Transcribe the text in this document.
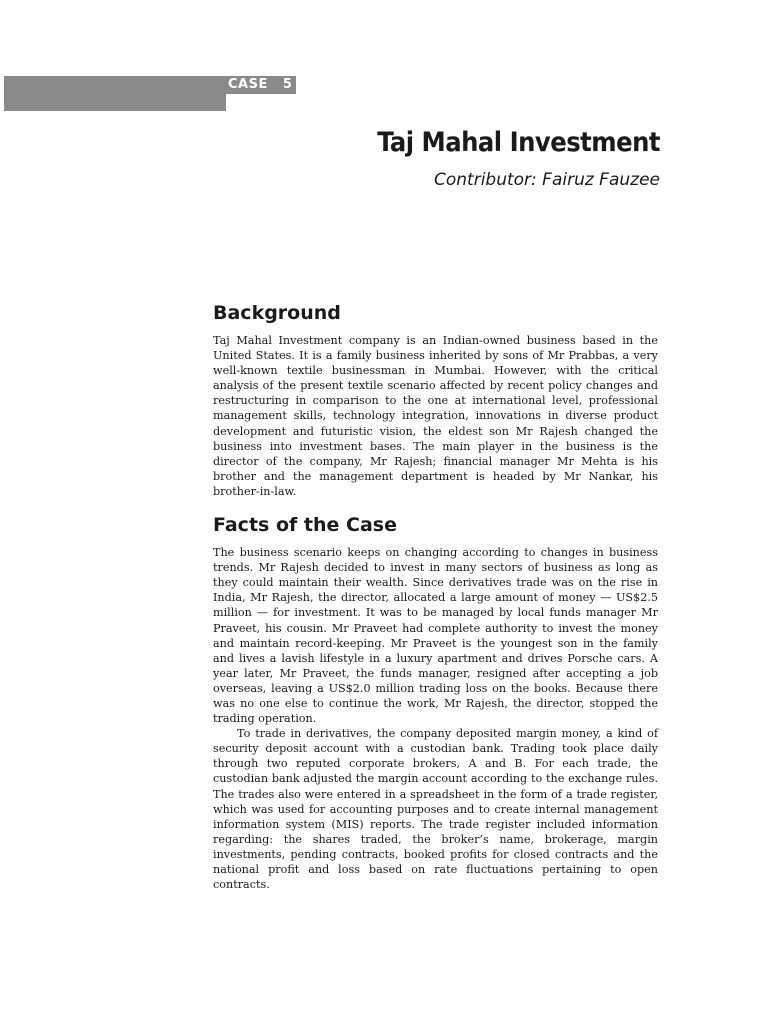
CASE   5
Taj Mahal Investment
Contributor: Fairuz Fauzee
Background

Taj Mahal Investment company is an Indian-owned business based in the United States. It is a family business inherited by sons of Mr Prabbas, a very well-known textile businessman in Mumbai. However, with the critical analysis of the present textile scenario affected by recent policy changes and restructuring in comparison to the one at international level, professional management skills, technology integration, innovations in diverse product development and futuristic vision, the eldest son Mr Rajesh changed the business into investment bases. The main player in the business is the director of the company, Mr Rajesh; financial manager Mr Mehta is his brother and the management department is headed by Mr Nankar, his brother-in-law.

Facts of the Case

The business scenario keeps on changing according to changes in business trends. Mr Rajesh decided to invest in many sectors of business as long as they could maintain their wealth. Since derivatives trade was on the rise in India, Mr Rajesh, the director, allocated a large amount of money — US$2.5 million — for investment. It was to be managed by local funds manager Mr Praveet, his cousin. Mr Praveet had complete authority to invest the money and maintain record-keeping. Mr Praveet is the youngest son in the family and lives a lavish lifestyle in a luxury apartment and drives Porsche cars. A year later, Mr Praveet, the funds manager, resigned after accepting a job overseas, leaving a US$2.0 million trading loss on the books. Because there was no one else to continue the work, Mr Rajesh, the director, stopped the trading operation.

To trade in derivatives, the company deposited margin money, a kind of security deposit account with a custodian bank. Trading took place daily through two reputed corporate brokers, A and B. For each trade, the custodian bank adjusted the margin account according to the exchange rules. The trades also were entered in a spreadsheet in the form of a trade register, which was used for accounting purposes and to create internal management information system (MIS) reports. The trade register included information regarding: the shares traded, the broker’s name, brokerage, margin investments, pending contracts, booked profits for closed contracts and the national profit and loss based on rate fluctuations pertaining to open contracts.
